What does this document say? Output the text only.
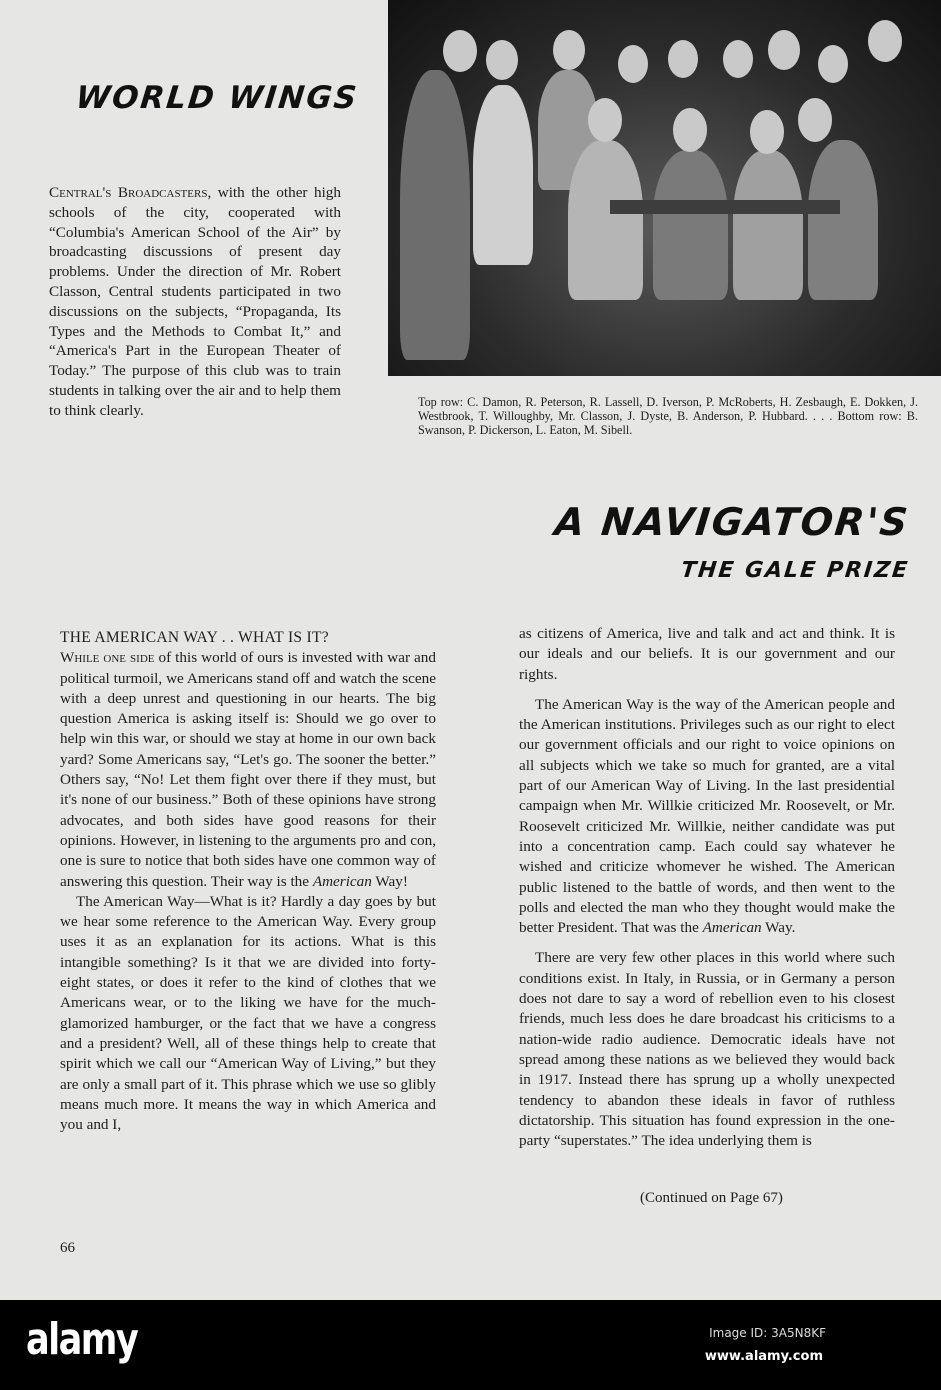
WORLD WINGS
Central's Broadcasters, with the other high schools of the city, cooperated with “Columbia's American School of the Air” by broadcasting discussions of present day problems. Under the direction of Mr. Robert Classon, Central students participated in two discussions on the subjects, “Propaganda, Its Types and the Methods to Combat It,” and “America's Part in the European Theater of Today.” The purpose of this club was to train students in talking over the air and to help them to think clearly.	Top row: C. Damon, R. Peterson, R. Lassell, D. Iverson, P. McRoberts, H. Zesbaugh, E. Dokken, J. Westbrook, T. Willoughby, Mr. Classon, J. Dyste, B. Anderson, P. Hubbard. . . . Bottom row: B. Swanson, P. Dickerson, L. Eaton, M. Sibell.
A NAVIGATOR'S
THE GALE PRIZE

THE AMERICAN WAY . . WHAT IS IT?

While one side of this world of ours is invested with war and political turmoil, we Americans stand off and watch the scene with a deep unrest and questioning in our hearts. The big question America is asking itself is: Should we go over to help win this war, or should we stay at home in our own back yard? Some Americans say, “Let's go. The sooner the better.” Others say, “No! Let them fight over there if they must, but it's none of our business.” Both of these opinions have strong advocates, and both sides have good reasons for their opinions. However, in listening to the arguments pro and con, one is sure to notice that both sides have one common way of answering this question. Their way is the American Way!

The American Way—What is it? Hardly a day goes by but we hear some reference to the American Way. Every group uses it as an explanation for its actions. What is this intangible something? Is it that we are divided into forty-eight states, or does it refer to the kind of clothes that we Americans wear, or to the liking we have for the much-glamorized hamburger, or the fact that we have a congress and a president? Well, all of these things help to create that spirit which we call our “American Way of Living,” but they are only a small part of it. This phrase which we use so glibly means much more. It means the way in which America and you and I,

as citizens of America, live and talk and act and think. It is our ideals and our beliefs. It is our government and our rights.

The American Way is the way of the American people and the American institutions. Privileges such as our right to elect our government officials and our right to voice opinions on all subjects which we take so much for granted, are a vital part of our American Way of Living. In the last presidential campaign when Mr. Willkie criticized Mr. Roosevelt, or Mr. Roosevelt criticized Mr. Willkie, neither candidate was put into a concentration camp. Each could say whatever he wished and criticize whomever he wished. The American public listened to the battle of words, and then went to the polls and elected the man who they thought would make the better President. That was the American Way.

There are very few other places in this world where such conditions exist. In Italy, in Russia, or in Germany a person does not dare to say a word of rebellion even to his closest friends, much less does he dare broadcast his criticisms to a nation-wide radio audience. Democratic ideals have not spread among these nations as we believed they would back in 1917. Instead there has sprung up a wholly unexpected tendency to abandon these ideals in favor of ruthless dictatorship. This situation has found expression in the one-party “superstates.” The idea underlying them is

(Continued on Page 67)
66
alamy	Image ID: 3A5N8KF
www.alamy.com
